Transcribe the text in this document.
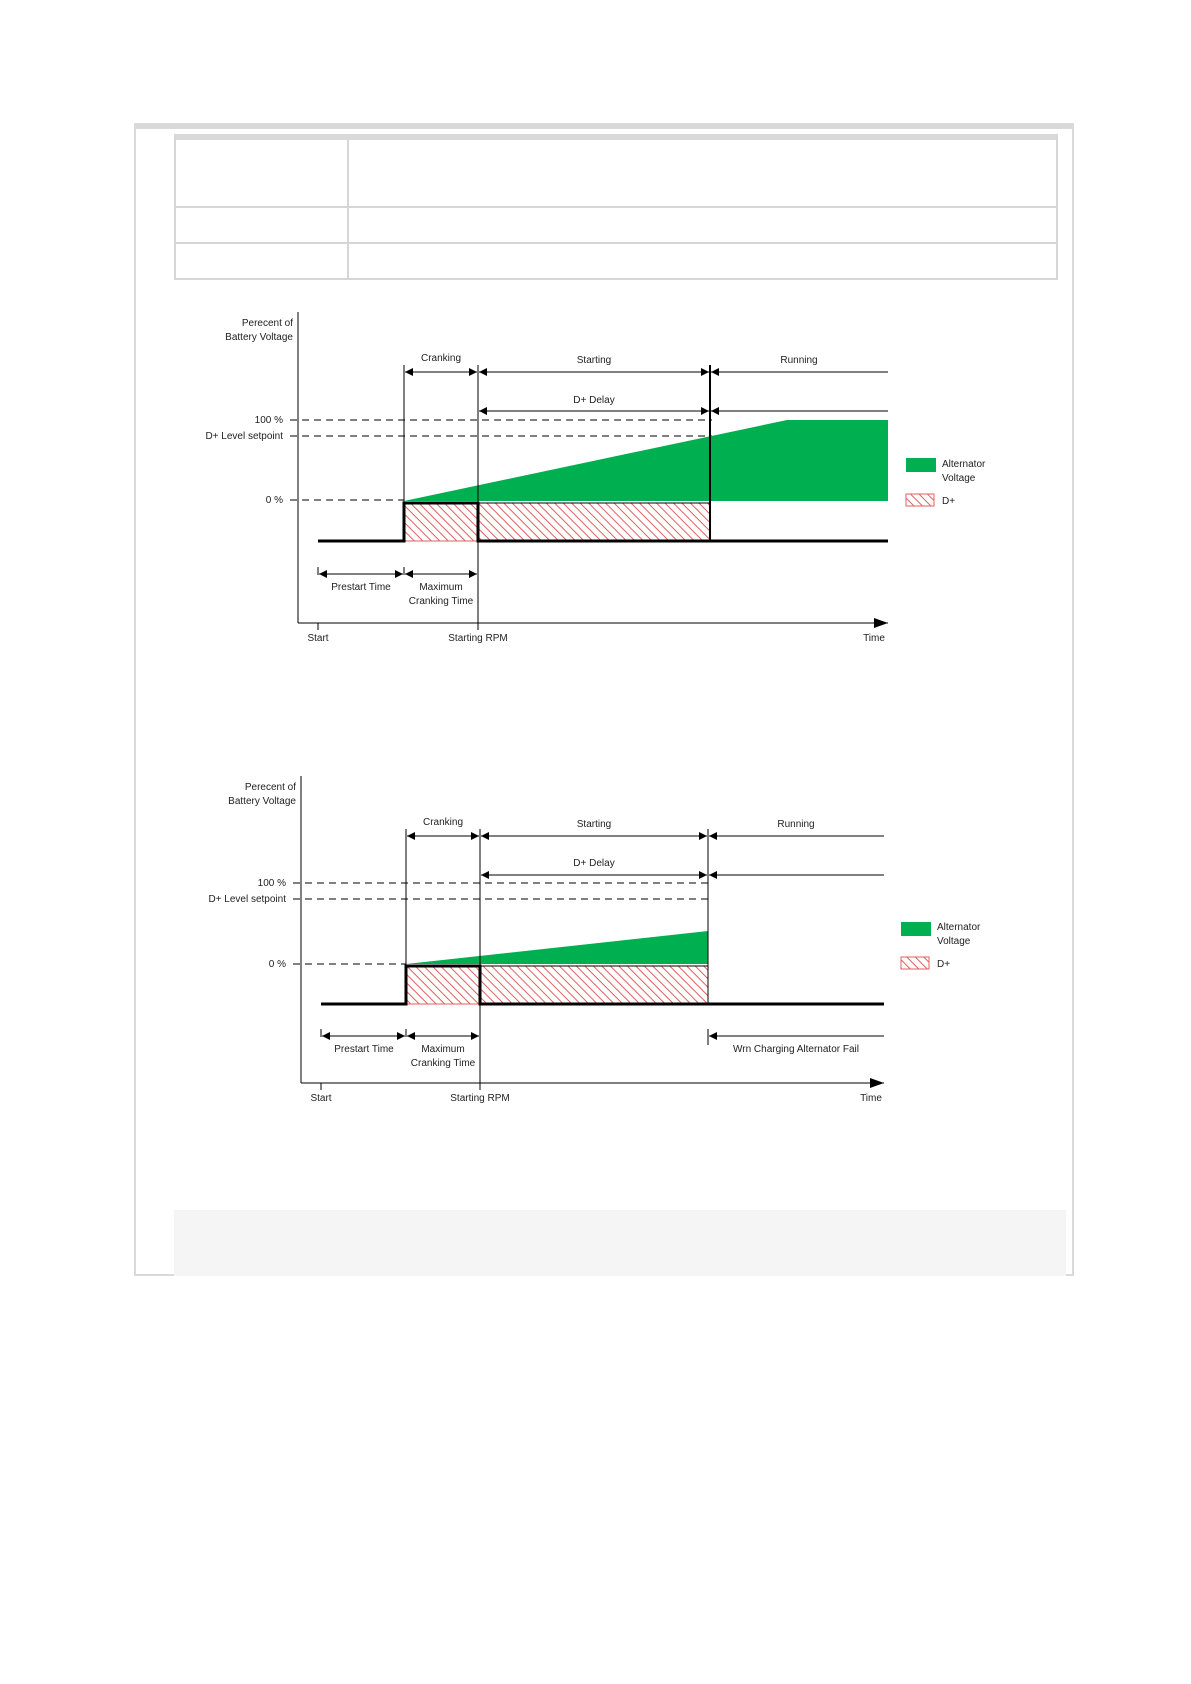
Perecent of
Battery Voltage
Start	Starting RPM	Time
100 %
D+ Level setpoint
0 %
Cranking	Starting	Running
D+ Delay
Prestart Time	Maximum
Cranking Time
Alternator
Voltage
D+
Perecent of
Battery Voltage
Start	Starting RPM	Time
100 %
D+ Level setpoint
0 %
Cranking	Starting	Running
D+ Delay
Prestart Time	Maximum
Cranking Time
Wrn Charging Alternator Fail
Alternator
Voltage
D+
